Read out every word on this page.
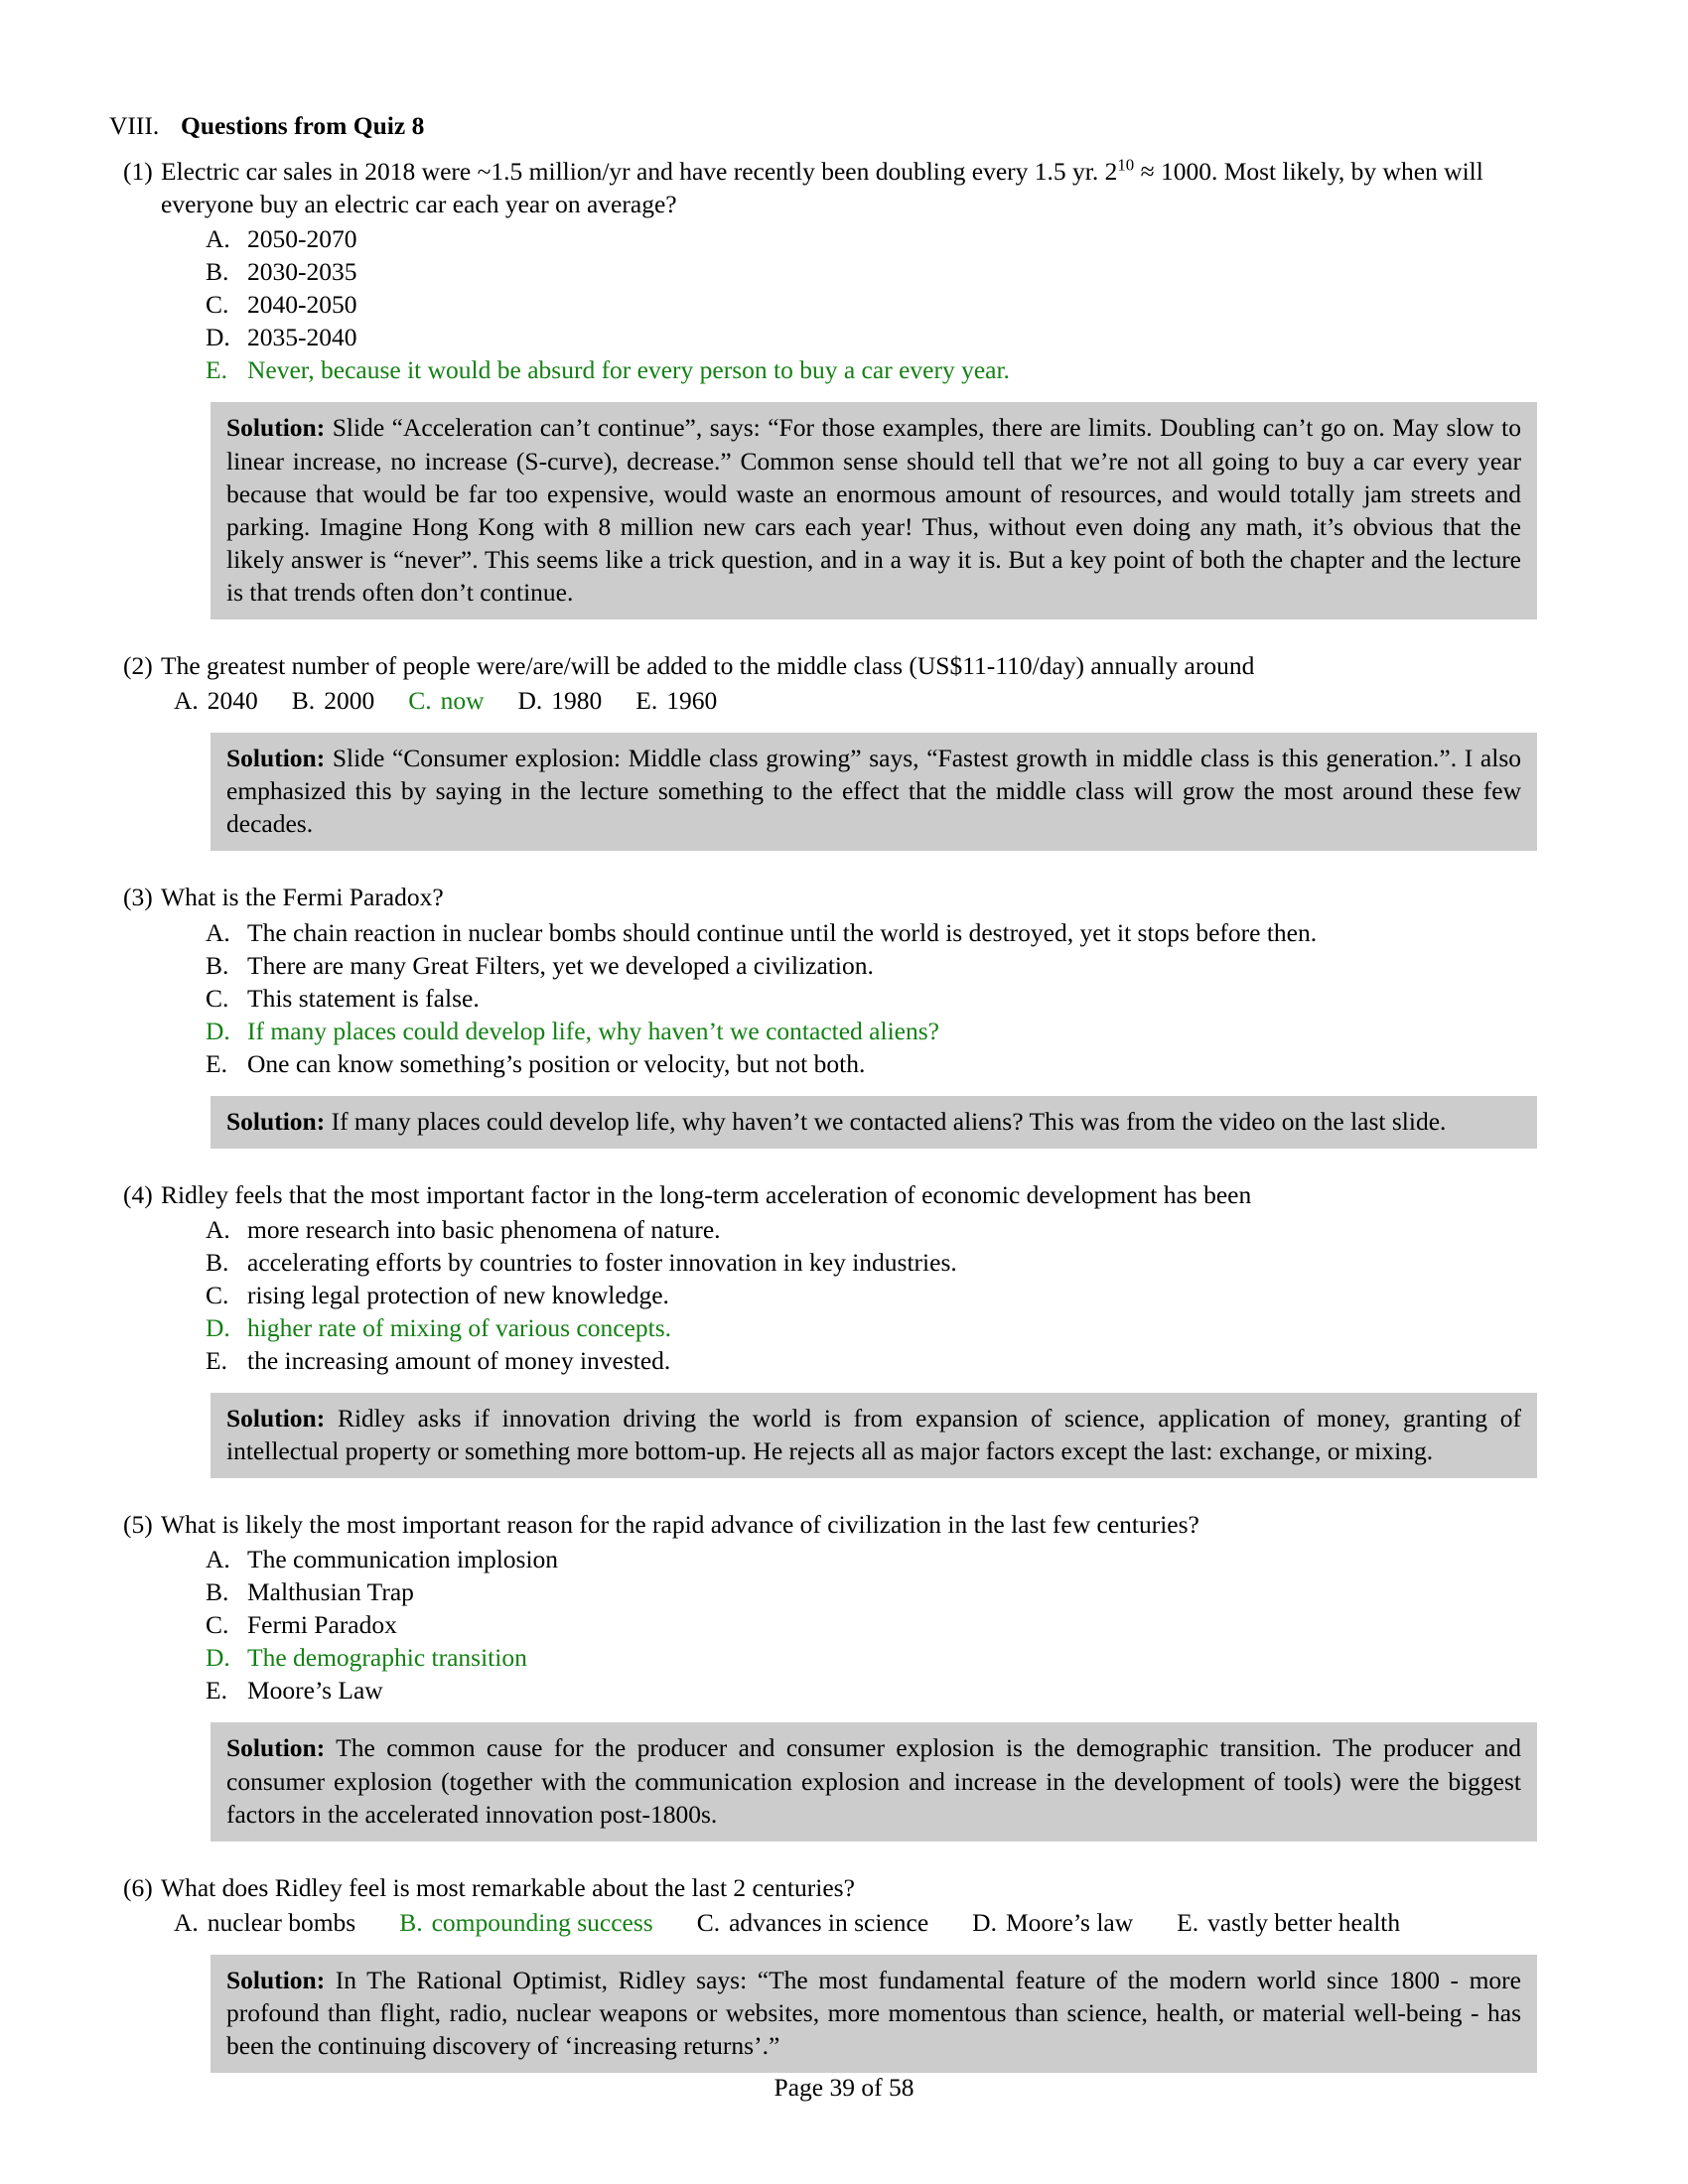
VIII. Questions from Quiz 8
(1) Electric car sales in 2018 were ~1.5 million/yr and have recently been doubling every 1.5 yr. $2^{10} \approx 1000$. Most likely, by when will everyone buy an electric car each year on average?
A. 2050-2070
B. 2030-2035
C. 2040-2050
D. 2035-2040
E. Never, because it would be absurd for every person to buy a car every year.
Solution: Slide “Acceleration can’t continue”, says: “For those examples, there are limits. Doubling can’t go on. May slow to linear increase, no increase (S-curve), decrease.” Common sense should tell that we’re not all going to buy a car every year because that would be far too expensive, would waste an enormous amount of resources, and would totally jam streets and parking. Imagine Hong Kong with 8 million new cars each year! Thus, without even doing any math, it’s obvious that the likely answer is “never”. This seems like a trick question, and in a way it is. But a key point of both the chapter and the lecture is that trends often don’t continue.
(2) The greatest number of people were/are/will be added to the middle class (US$11-110/day) annually around
A. 2040 B. 2000 C. now D. 1980 E. 1960
Solution: Slide “Consumer explosion: Middle class growing” says, “Fastest growth in middle class is this generation.”. I also emphasized this by saying in the lecture something to the effect that the middle class will grow the most around these few decades.
(3) What is the Fermi Paradox?
A. The chain reaction in nuclear bombs should continue until the world is destroyed, yet it stops before then.
B. There are many Great Filters, yet we developed a civilization.
C. This statement is false.
D. If many places could develop life, why haven’t we contacted aliens?
E. One can know something’s position or velocity, but not both.
Solution: If many places could develop life, why haven’t we contacted aliens? This was from the video on the last slide.
(4) Ridley feels that the most important factor in the long-term acceleration of economic development has been
A. more research into basic phenomena of nature.
B. accelerating efforts by countries to foster innovation in key industries.
C. rising legal protection of new knowledge.
D. higher rate of mixing of various concepts.
E. the increasing amount of money invested.
Solution: Ridley asks if innovation driving the world is from expansion of science, application of money, granting of intellectual property or something more bottom-up. He rejects all as major factors except the last: exchange, or mixing.
(5) What is likely the most important reason for the rapid advance of civilization in the last few centuries?
A. The communication implosion
B. Malthusian Trap
C. Fermi Paradox
D. The demographic transition
E. Moore’s Law
Solution: The common cause for the producer and consumer explosion is the demographic transition. The producer and consumer explosion (together with the communication explosion and increase in the development of tools) were the biggest factors in the accelerated innovation post-1800s.
(6) What does Ridley feel is most remarkable about the last 2 centuries?
A. nuclear bombs B. compounding success C. advances in science D. Moore’s law E. vastly better health
Solution: In The Rational Optimist, Ridley says: “The most fundamental feature of the modern world since 1800 - more profound than flight, radio, nuclear weapons or websites, more momentous than science, health, or material well-being - has been the continuing discovery of ‘increasing returns’.”
Page 39 of 58
